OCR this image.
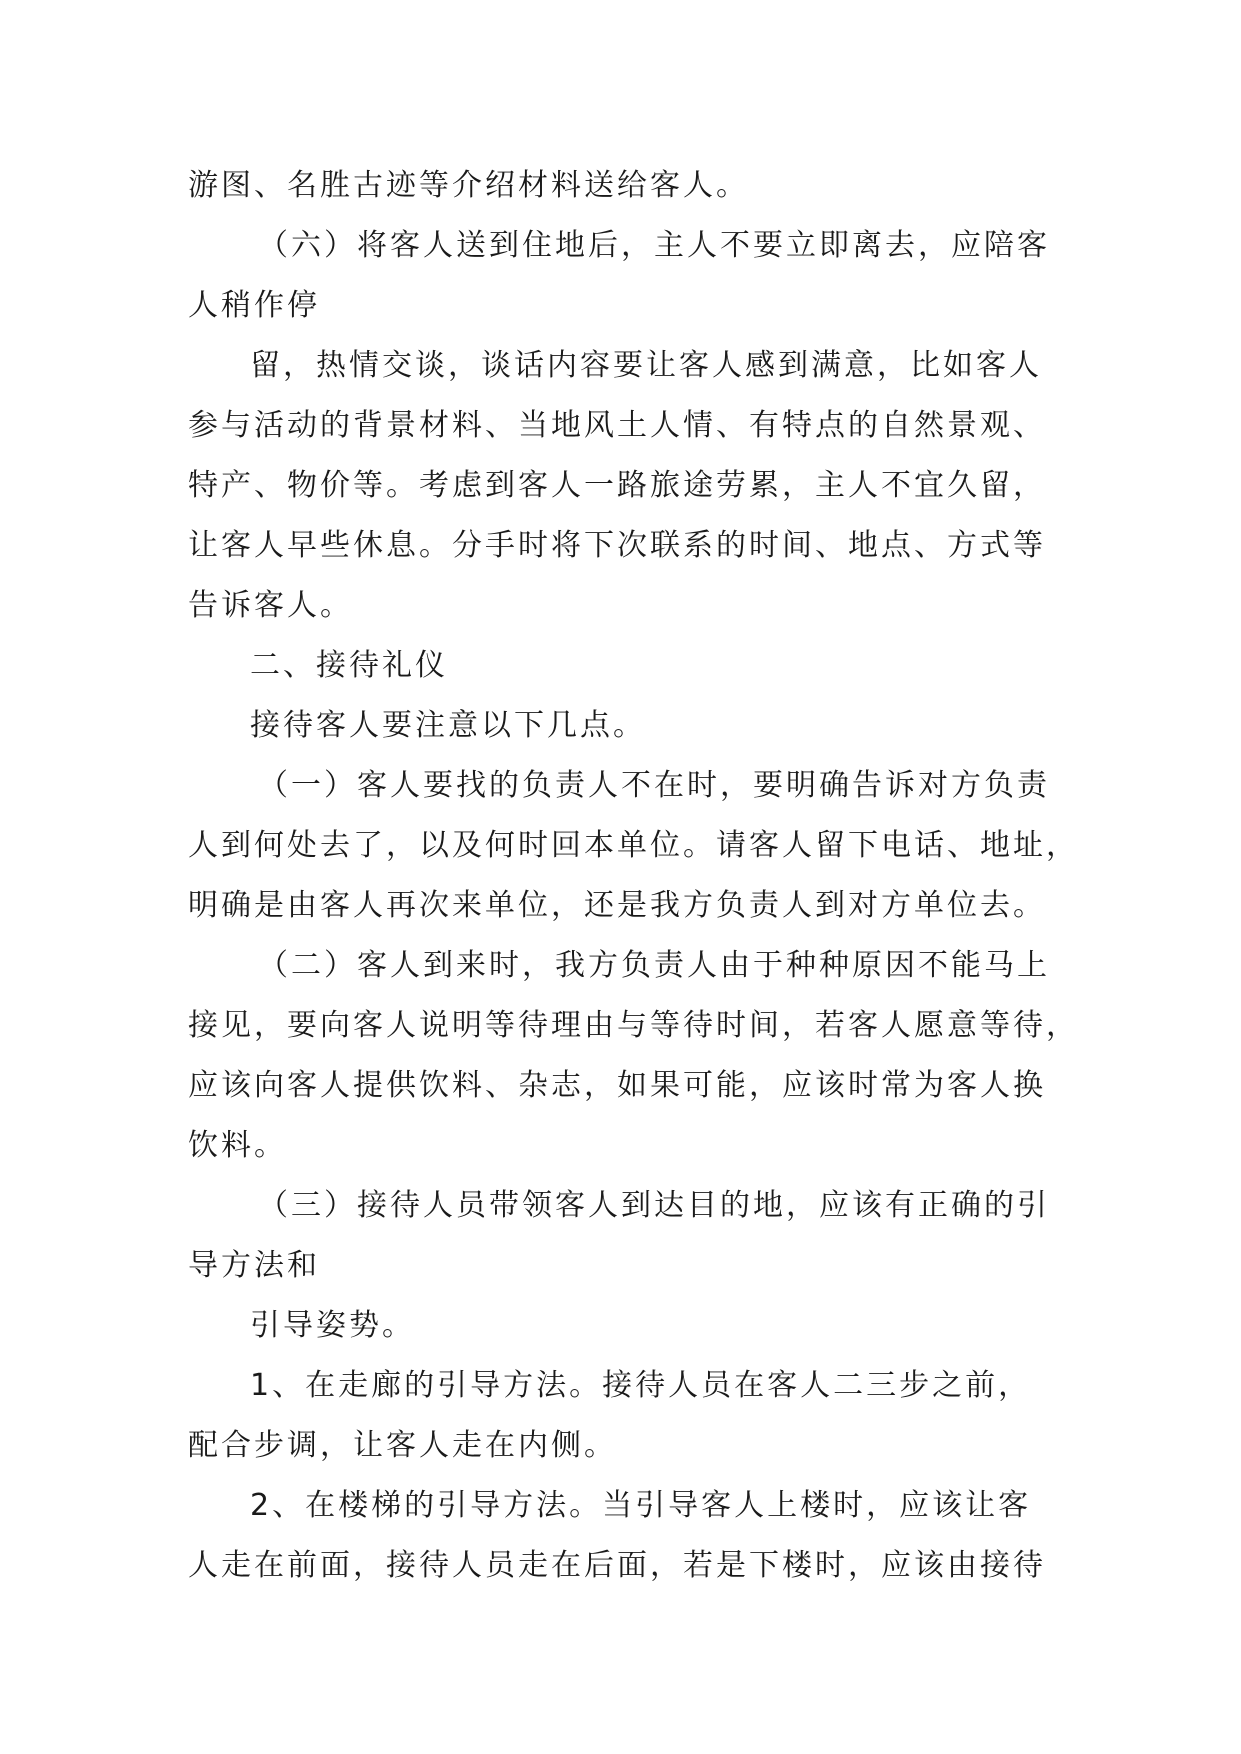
游图、名胜古迹等介绍材料送给客人。
（六）将客人送到住地后，主人不要立即离去，应陪客
人稍作停
留，热情交谈，谈话内容要让客人感到满意，比如客人
参与活动的背景材料、当地风土人情、有特点的自然景观、
特产、物价等。考虑到客人一路旅途劳累，主人不宜久留，
让客人早些休息。分手时将下次联系的时间、地点、方式等
告诉客人。
二、接待礼仪
接待客人要注意以下几点。
（一）客人要找的负责人不在时，要明确告诉对方负责
人到何处去了，以及何时回本单位。请客人留下电话、地址，
明确是由客人再次来单位，还是我方负责人到对方单位去。
（二）客人到来时，我方负责人由于种种原因不能马上
接见，要向客人说明等待理由与等待时间，若客人愿意等待，
应该向客人提供饮料、杂志，如果可能，应该时常为客人换
饮料。
（三）接待人员带领客人到达目的地，应该有正确的引
导方法和
引导姿势。
1、在走廊的引导方法。接待人员在客人二三步之前，
配合步调，让客人走在内侧。
2、在楼梯的引导方法。当引导客人上楼时，应该让客
人走在前面，接待人员走在后面，若是下楼时，应该由接待
